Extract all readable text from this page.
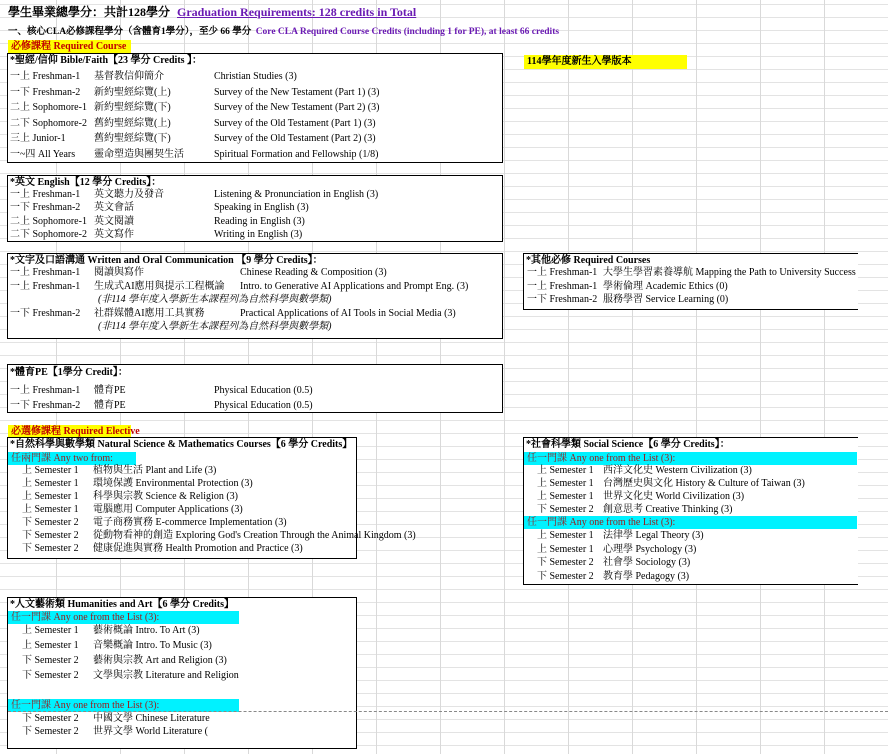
學生畢業總學分：共計128學分 Graduation Requirements: 128 credits in Total
一、核心CLA必修課程學分（含體育1學分），至少 66 學分 Core CLA Required Course Credits (including 1 for PE), at least 66 credits
必修課程 Required Course
114學年度新生入學版本
*聖經/信仰 Bible/Faith【23 學分 Credits 】：
一上 Freshman-1	基督教信仰簡介	Christian Studies (3)
一下 Freshman-2	新約聖經綜覽(上)	Survey of the New Testament (Part 1) (3)
二上 Sophomore-1 新約聖經綜覽(下)	Survey of the New Testament (Part 2) (3)
二下 Sophomore-2 舊約聖經綜覽(上)	Survey of the Old Testament (Part 1) (3)
三上 Junior-1	舊約聖經綜覽(下)	Survey of the Old Testament (Part 2) (3)
一~四 All Years	靈命塑造與團契生活	Spiritual Formation and Fellowship (1/8)
*英文 English【12 學分 Credits】：
一上 Freshman-1	英文聽力及發音	Listening & Pronunciation in English (3)
一下 Freshman-2	英文會話	Speaking in English (3)
二上 Sophomore-1 英文閱讀	Reading in English (3)
二下 Sophomore-2 英文寫作	Writing in English (3)
*文字及口語溝通 Written and Oral Communication 【9 學分 Credits】：
一上 Freshman-1	閱讀與寫作	Chinese Reading & Composition (3)
一上 Freshman-1	生成式AI應用與提示工程概論	Intro. to Generative AI Applications and Prompt Eng. (3)
(非114 學年度入學新生本課程列為自然科學與數學類)
一下 Freshman-2	社群媒體AI應用工具實務	Practical Applications of AI Tools in Social Media (3)
(非114 學年度入學新生本課程列為自然科學與數學類)
*其他必修 Required Courses
一上 Freshman-1 大學生學習素養導航 Mapping the Path to University Success
一上 Freshman-1 學術倫理 Academic Ethics (0)
一下 Freshman-2 服務學習 Service Learning (0)
*體育PE【1學分 Credit】：
一上 Freshman-1	體育PE	Physical Education (0.5)
一下 Freshman-2	體育PE	Physical Education (0.5)
必選修課程 Required Elective
*自然科學與數學類 Natural Science & Mathematics Courses【6 學分 Credits】
任兩門課 Any two from:
上 Semester 1 植物與生活 Plant and Life (3)
上 Semester 1 環境保護 Environmental Protection (3)
上 Semester 1 科學與宗教 Science & Religion (3)
上 Semester 1 電腦應用 Computer Applications (3)
下 Semester 2 電子商務實務 E-commerce Implementation (3)
下 Semester 2 從動物看神的創造 Exploring God's Creation Through the Animal Kingdom (3)
下 Semester 2 健康促進與實務 Health Promotion and Practice (3)
*社會科學類 Social Science【6 學分 Credits】：
任一門課 Any one from the List (3):
上 Semester 1 西洋文化史 Western Civilization (3)
上 Semester 1 台灣歷史與文化 History & Culture of Taiwan (3)
上 Semester 1 世界文化史 World Civilization (3)
下 Semester 2 創意思考 Creative Thinking (3)
任一門課 Any one from the List (3):
上 Semester 1 法律學 Legal Theory (3)
上 Semester 1 心理學 Psychology (3)
下 Semester 2 社會學 Sociology (3)
下 Semester 2 教育學 Pedagogy (3)
*人文藝術類 Humanities and Art【6 學分 Credits】
任一門課 Any one from the List (3):
上 Semester 1 藝術概論 Intro. To Art (3)
上 Semester 1 音樂概論 Intro. To Music (3)
下 Semester 2 藝術與宗教 Art and Religion (3)
下 Semester 2 文學與宗教 Literature and Religion
任一門課 Any one from the List (3):
下 Semester 2 中國文學 Chinese Literature
下 Semester 2 世界文學 World Literature (
